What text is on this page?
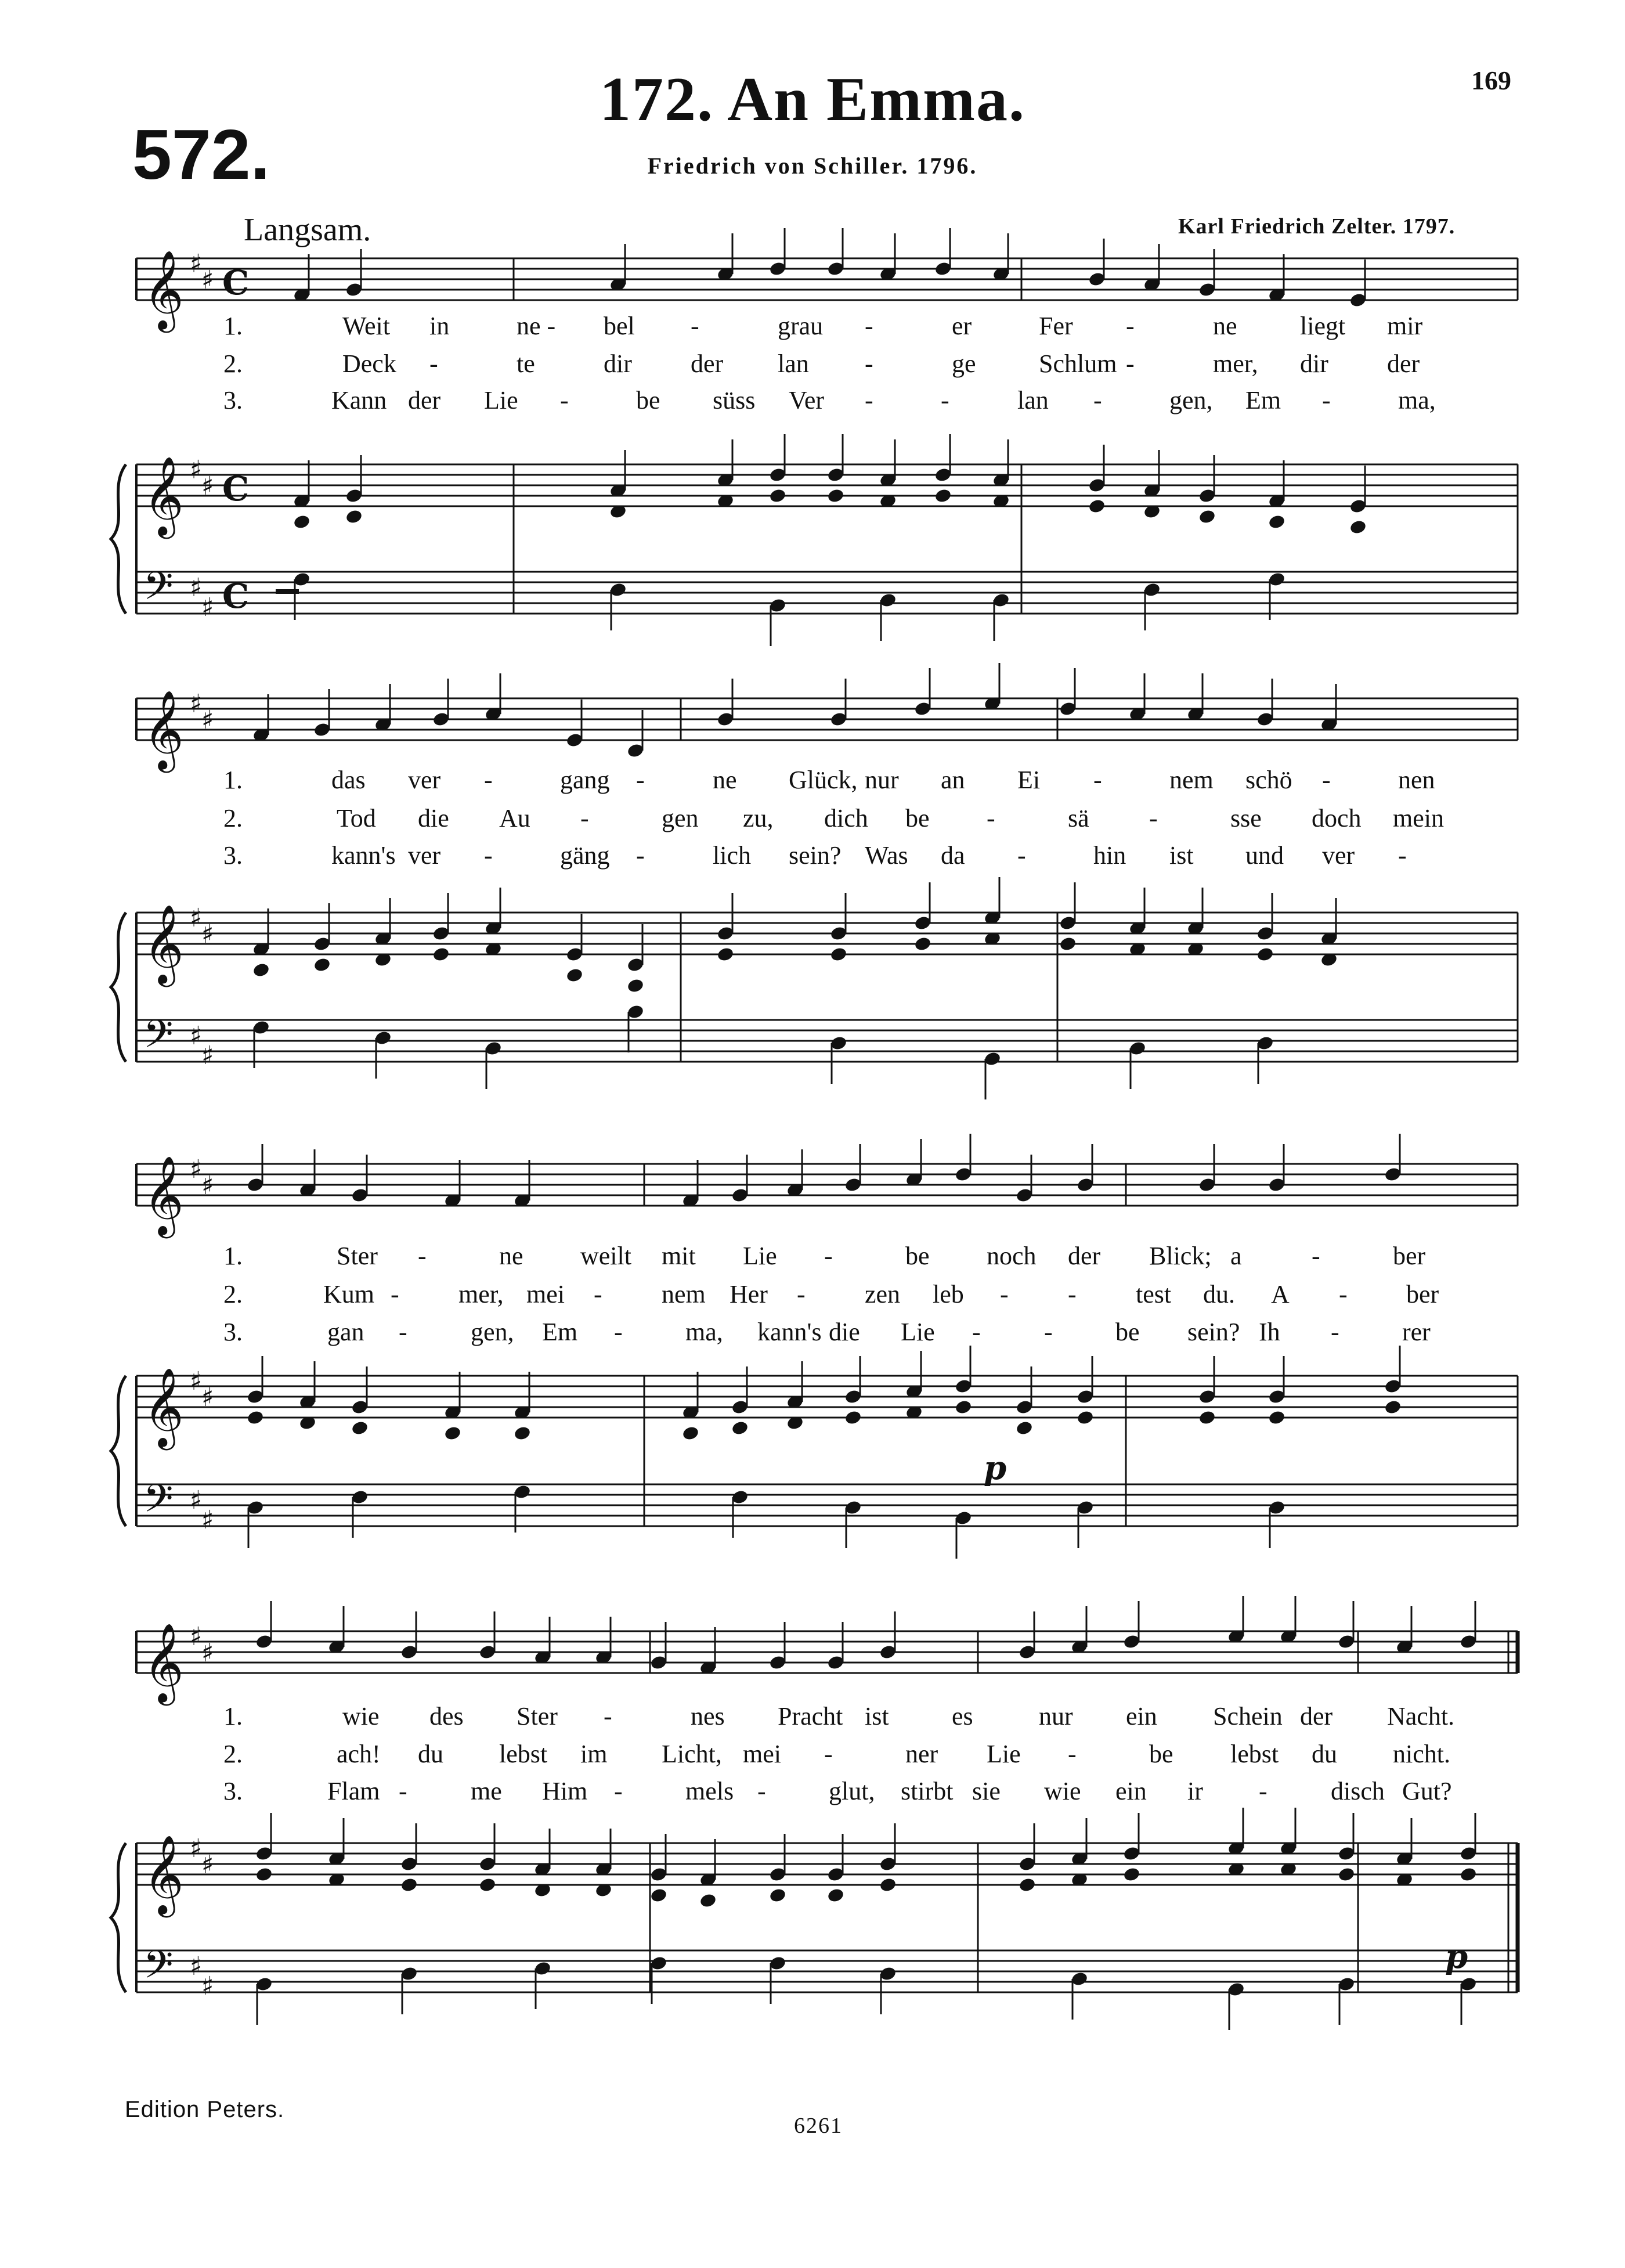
172. An Emma.
Friedrich von Schiller. 1796.
169
572.
Langsam.	Karl Friedrich Zelter. 1797.
𝄞 ♯
♯
𝄞 ♯
♯
𝄢 ♯
♯
C
C
C
𝄞 ♯
♯
𝄞 ♯
♯
𝄢 ♯
♯
𝄞 ♯
♯
𝄞 ♯
♯
𝄢 ♯
♯
𝄞 ♯
♯
𝄞 ♯
♯
𝄢 ♯
♯
p
p
1.	Weit in	ne - bel -	grau -	er	Fer -	ne liegt mir
2.	Deck -	te	dir der lan -	ge Schlum -	mer, dir der
3.	Kann der Lie -	be süss Ver -	-	lan -	gen, Em -	ma,
1.	das ver -	gang -	ne Glück, nur an Ei -	nem schö -	nen
2.	Tod die Au -	gen zu, dich be -	sä -	sse doch mein
3.	kann's ver -	gäng -	lich sein? Was da -	hin ist und ver -
1.	Ster -	ne weilt mit Lie -	be noch der Blick; a	-	ber
2.	Kum - mer, mei - nem Her - zen leb - - test du. A - ber
3.	gan - gen, Em - ma, kann's die Lie - - be sein? Ih - rer
1.	wie des Ster -	nes Pracht ist es	nur ein Schein der Nacht.
2.	ach! du lebst im Licht, mei -	ner Lie -	be lebst du nicht.
3.	Flam - me Him - mels - glut, stirbt sie wie ein ir - disch Gut?
Edition Peters.
6261
